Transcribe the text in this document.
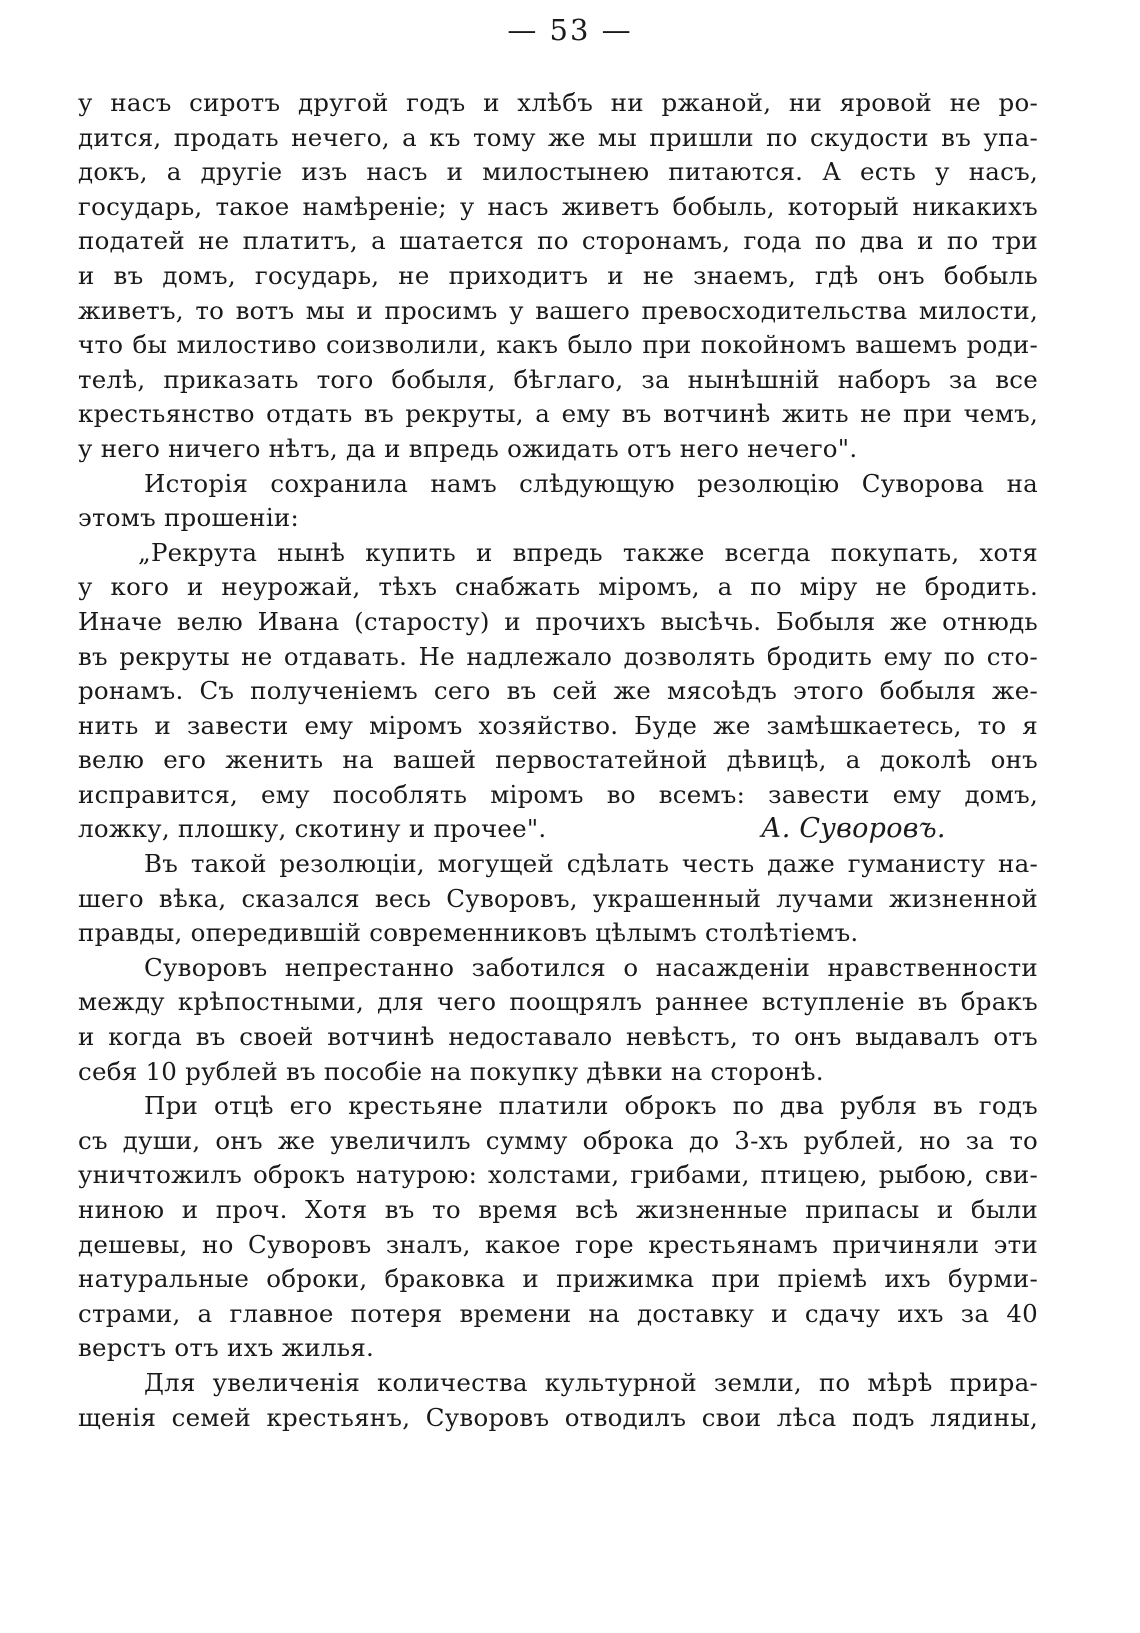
— 53 —
у насъ сиротъ другой годъ и хлѣбъ ни ржаной, ни яровой не ро-
дится, продать нечего, а къ тому же мы пришли по скудости въ упа-
докъ, а другіе изъ насъ и милостынею питаются. А есть у насъ,
государь, такое намѣреніе; у насъ живетъ бобыль, который никакихъ
податей не платитъ, а шатается по сторонамъ, года по два и по три
и въ домъ, государь, не приходитъ и не знаемъ, гдѣ онъ бобыль
живетъ, то вотъ мы и просимъ у вашего превосходительства милости,
что бы милостиво соизволили, какъ было при покойномъ вашемъ роди-
телѣ, приказать того бобыля, бѣглаго, за нынѣшній наборъ за все
крестьянство отдать въ рекруты, а ему въ вотчинѣ жить не при чемъ,
у него ничего нѣтъ, да и впредь ожидать отъ него нечего".
Исторія сохранила намъ слѣдующую резолюцію Суворова на
этомъ прошеніи:
„Рекрута нынѣ купить и впредь также всегда покупать, хотя
у кого и неурожай, тѣхъ снабжать міромъ, а по міру не бродить.
Иначе велю Ивана (старосту) и прочихъ высѣчь. Бобыля же отнюдь
въ рекруты не отдавать. Не надлежало дозволять бродить ему по сто-
ронамъ. Съ полученіемъ сего въ сей же мясоѣдъ этого бобыля же-
нить и завести ему міромъ хозяйство. Буде же замѣшкаетесь, то я
велю его женить на вашей первостатейной дѣвицѣ, а доколѣ онъ
исправится, ему пособлять міромъ во всемъ: завести ему домъ,
ложку, плошку, скотину и прочее".	А. Суворовъ.
Въ такой резолюціи, могущей сдѣлать честь даже гуманисту на-
шего вѣка, сказался весь Суворовъ, украшенный лучами жизненной
правды, опередившій современниковъ цѣлымъ столѣтіемъ.
Суворовъ непрестанно заботился о насажденіи нравственности
между крѣпостными, для чего поощрялъ раннее вступленіе въ бракъ
и когда въ своей вотчинѣ недоставало невѣстъ, то онъ выдавалъ отъ
себя 10 рублей въ пособіе на покупку дѣвки на сторонѣ.
При отцѣ его крестьяне платили оброкъ по два рубля въ годъ
съ души, онъ же увеличилъ сумму оброка до 3-хъ рублей, но за то
уничтожилъ оброкъ натурою: холстами, грибами, птицею, рыбою, сви-
ниною и проч. Хотя въ то время всѣ жизненные припасы и были
дешевы, но Суворовъ зналъ, какое горе крестьянамъ причиняли эти
натуральные оброки, браковка и прижимка при пріемѣ ихъ бурми-
страми, а главное потеря времени на доставку и сдачу ихъ за 40
верстъ отъ ихъ жилья.
Для увеличенія количества культурной земли, по мѣрѣ прира-
щенія семей крестьянъ, Суворовъ отводилъ свои лѣса подъ лядины,
